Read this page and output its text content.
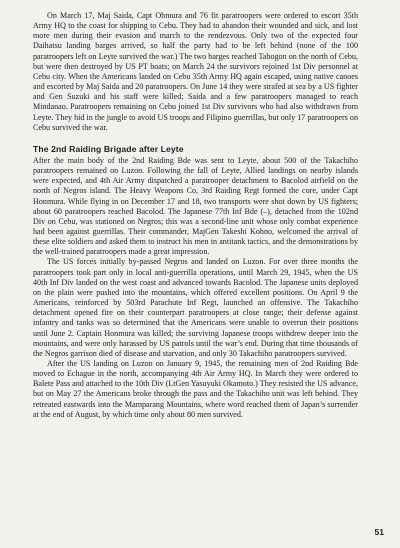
On March 17, Maj Saida, Capt Ohmura and 76 fit paratroopers were ordered to escort 35th Army HQ to the coast for shipping to Cebu. They had to abandon their wounded and sick, and lost more men during their evasion and march to the rendezvous. Only two of the expected four Daihatsu landing barges arrived, so half the party had to be left behind (none of the 100 paratroopers left on Leyte survived the war.) The two barges reached Tabogon on the north of Cebu, but were then destroyed by US PT boats; on March 24 the survivors rejoined 1st Div personnel at Cebu city. When the Americans landed on Cebu 35th Army HQ again escaped, using native canoes and escorted by Maj Saida and 20 paratroopers. On June 14 they were strafed at sea by a US fighter and Gen Suzuki and his staff were killed; Saida and a few paratroopers managed to reach Mindanao. Paratroopers remaining on Cebu joined 1st Div survivors who had also withdrawn from Leyte. They hid in the jungle to avoid US troops and Filipino guerrillas, but only 17 paratroopers on Cebu survived the war.

The 2nd Raiding Brigade after Leyte

After the main body of the 2nd Raiding Bde was sent to Leyte, about 500 of the Takachiho paratroopers remained on Luzon. Following the fall of Leyte, Allied landings on nearby islands were expected, and 4th Air Army dispatched a paratrooper detachment to Bacolod airfield on the north of Negros island. The Heavy Weapons Co, 3rd Raiding Regt formed the core, under Capt Honmura. While flying in on December 17 and 18, two transports were shot down by US fighters; about 60 paratroopers reached Bacolod. The Japanese 77th Inf Bde (–), detached from the 102nd Div on Cebu, was stationed on Negros; this was a second-line unit whose only combat experience had been against guerrillas. Their commander, MajGen Takeshi Kohno, welcomed the arrival of these elite soldiers and asked them to instruct his men in antitank tactics, and the demonstrations by the well-trained paratroopers made a great impression.

The US forces initially by-passed Negros and landed on Luzon. For over three months the paratroopers took part only in local anti-guerrilla operations, until March 29, 1945, when the US 40th Inf Div landed on the west coast and advanced towards Bacolod. The Japanese units deployed on the plain were pushed into the mountains, which offered excellent positions. On April 9 the Americans, reinforced by 503rd Parachute Inf Regt, launched an offensive. The Takachiho detachment opened fire on their counterpart paratroopers at close range; their defense against infantry and tanks was so determined that the Americans were unable to overrun their positions until June 2. Captain Honmura was killed; the surviving Japanese troops withdrew deeper into the mountains, and were only harassed by US patrols until the war’s end. During that time thousands of the Negros garrison died of disease and starvation, and only 30 Takachiho paratroopers survived.

After the US landing on Luzon on January 9, 1945, the remaining men of 2nd Raiding Bde moved to Echague in the north, accompanying 4th Air Army HQ. In March they were ordered to Balete Pass and attached to the 10th Div (LtGen Yasuyuki Okamoto.) They resisted the US advance, but on May 27 the Americans broke through the pass and the Takachiho unit was left behind. They retreated eastwards into the Mamparang Mountains, where word reached them of Japan’s surrender at the end of August, by which time only about 80 men survived.

51
